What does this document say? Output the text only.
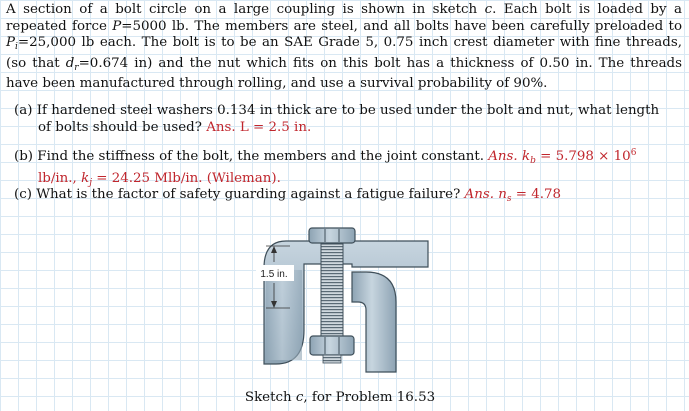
A section of a bolt circle on a large coupling is shown in sketch c. Each bolt is loaded by a repeated force P=5000 lb. The members are steel, and all bolts have been carefully preloaded to $P_i=25,000$ lb each. The bolt is to be an SAE Grade 5, 0.75 inch crest diameter with fine threads, (so that $d_r=0.674$ in) and the nut which fits on this bolt has a thickness of 0.50 in. The threads have been manufactured through rolling, and use a survival probability of 90%.
(a) If hardened steel washers 0.134 in thick are to be used under the bolt and nut, what length of bolts should be used? Ans. L = 2.5 in.
(b) Find the stiffness of the bolt, the members and the joint constant. Ans. $k_b = 5.798 \times 10^6$ lb/in., $k_j = 24.25$ Mlb/in. (Wileman).
(c) What is the factor of safety guarding against a fatigue failure? Ans. $n_s = 4.78$
1.5 in.
Sketch c, for Problem 16.53
